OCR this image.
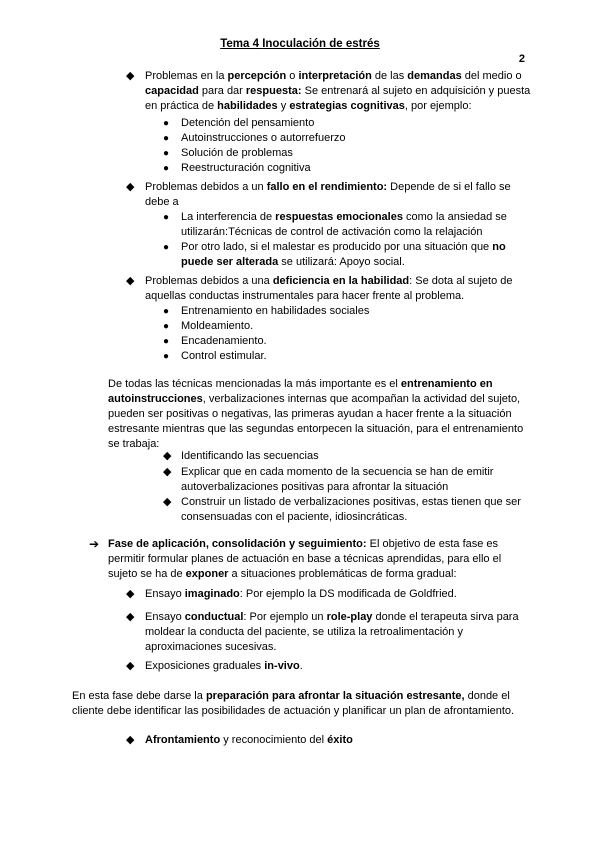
Tema 4 Inoculación de estrés
2
◆ Problemas en la percepción o interpretación de las demandas del medio o capacidad para dar respuesta: Se entrenará al sujeto en adquisición y puesta en práctica de habilidades y estrategias cognitivas, por ejemplo:
● Detención del pensamiento
● Autoinstrucciones o autorrefuerzo
● Solución de problemas
● Reestructuración cognitiva
◆ Problemas debidos a un fallo en el rendimiento: Depende de si el fallo se debe a
● La interferencia de respuestas emocionales como la ansiedad se utilizarán:Técnicas de control de activación como la relajación
● Por otro lado, si el malestar es producido por una situación que no puede ser alterada se utilizará: Apoyo social.
◆ Problemas debidos a una deficiencia en la habilidad: Se dota al sujeto de aquellas conductas instrumentales para hacer frente al problema.
● Entrenamiento en habilidades sociales
● Moldeamiento.
● Encadenamiento.
● Control estimular.
De todas las técnicas mencionadas la más importante es el entrenamiento en autoinstrucciones, verbalizaciones internas que acompañan la actividad del sujeto, pueden ser positivas o negativas, las primeras ayudan a hacer frente a la situación estresante mientras que las segundas entorpecen la situación, para el entrenamiento se trabaja:
◆ Identificando las secuencias
◆ Explicar que en cada momento de la secuencia se han de emitir autoverbalizaciones positivas para afrontar la situación
◆ Construir un listado de verbalizaciones positivas, estas tienen que ser consensuadas con el paciente, idiosincráticas.
➔ Fase de aplicación, consolidación y seguimiento: El objetivo de esta fase es permitir formular planes de actuación en base a técnicas aprendidas, para ello el sujeto se ha de exponer a situaciones problemáticas de forma gradual:
◆ Ensayo imaginado: Por ejemplo la DS modificada de Goldfried.
◆ Ensayo conductual: Por ejemplo un role-play donde el terapeuta sirva para moldear la conducta del paciente, se utiliza la retroalimentación y aproximaciones sucesivas.
◆ Exposiciones graduales in-vivo.
En esta fase debe darse la preparación para afrontar la situación estresante, donde el cliente debe identificar las posibilidades de actuación y planificar un plan de afrontamiento.
◆ Afrontamiento y reconocimiento del éxito
